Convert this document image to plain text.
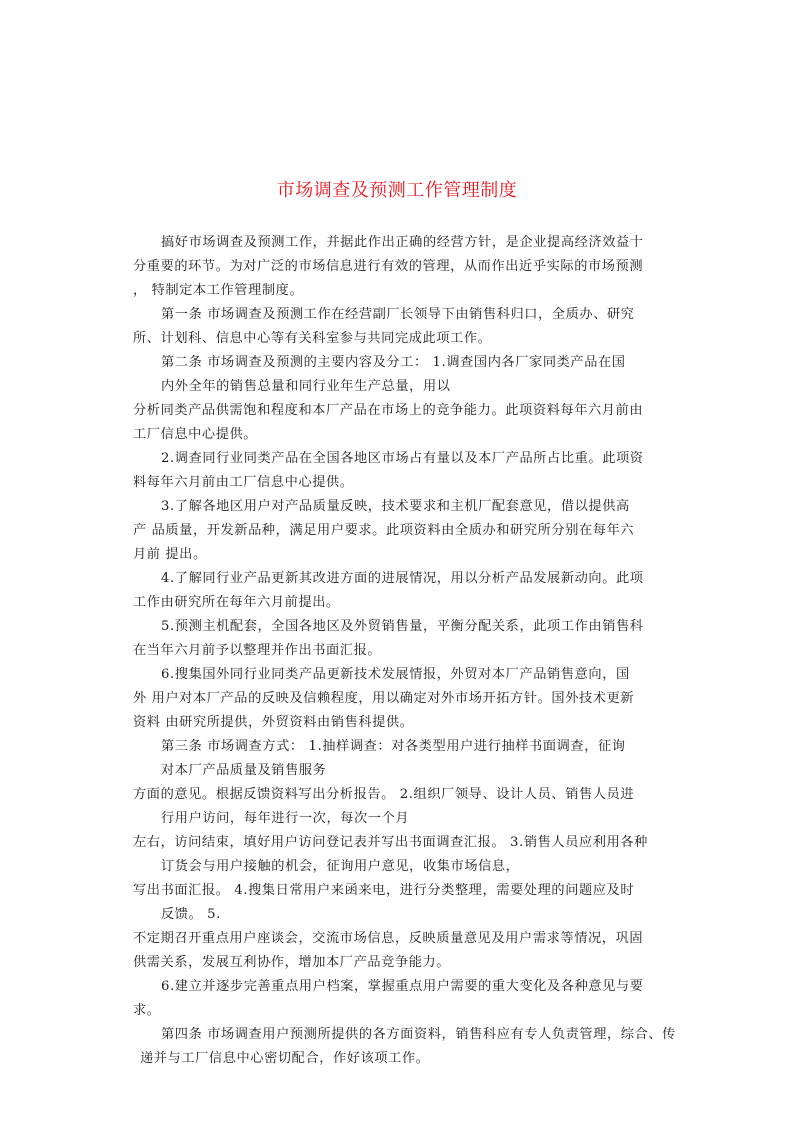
市场调查及预测工作管理制度
搞好市场调查及预测工作，并据此作出正确的经营方针，是企业提高经济效益十
分重要的环节。为对广泛的市场信息进行有效的管理，从而作出近乎实际的市场预测
， 特制定本工作管理制度。
第一条 市场调查及预测工作在经营副厂长领导下由销售科归口，全质办、研究
所、计划科、信息中心等有关科室参与共同完成此项工作。
第二条 市场调查及预测的主要内容及分工： 1.调查国内各厂家同类产品在国
内外全年的销售总量和同行业年生产总量，用以
分析同类产品供需饱和程度和本厂产品在市场上的竞争能力。此项资料每年六月前由
工厂信息中心提供。
2.调查同行业同类产品在全国各地区市场占有量以及本厂产品所占比重。此项资
料每年六月前由工厂信息中心提供。
3.了解各地区用户对产品质量反映，技术要求和主机厂配套意见，借以提供高
产 品质量，开发新品种，满足用户要求。此项资料由全质办和研究所分别在每年六
月前 提出。
4.了解同行业产品更新其改进方面的进展情况，用以分析产品发展新动向。此项
工作由研究所在每年六月前提出。
5.预测主机配套，全国各地区及外贸销售量，平衡分配关系，此项工作由销售科
在当年六月前予以整理并作出书面汇报。
6.搜集国外同行业同类产品更新技术发展情报，外贸对本厂产品销售意向，国
外 用户对本厂产品的反映及信赖程度，用以确定对外市场开拓方针。国外技术更新
资料 由研究所提供，外贸资料由销售科提供。
第三条 市场调查方式： 1.抽样调查：对各类型用户进行抽样书面调查，征询
对本厂产品质量及销售服务
方面的意见。根据反馈资料写出分析报告。 2.组织厂领导、设计人员、销售人员进
行用户访问，每年进行一次，每次一个月
左右，访问结束，填好用户访问登记表并写出书面调查汇报。 3.销售人员应利用各种
订货会与用户接触的机会，征询用户意见，收集市场信息，
写出书面汇报。 4.搜集日常用户来函来电，进行分类整理，需要处理的问题应及时
反馈。 5.
不定期召开重点用户座谈会，交流市场信息，反映质量意见及用户需求等情况，巩固
供需关系，发展互利协作，增加本厂产品竞争能力。
6.建立并逐步完善重点用户档案，掌握重点用户需要的重大变化及各种意见与要
求。
第四条 市场调查用户预测所提供的各方面资料，销售科应有专人负责管理，综合、传
递并与工厂信息中心密切配合，作好该项工作。
